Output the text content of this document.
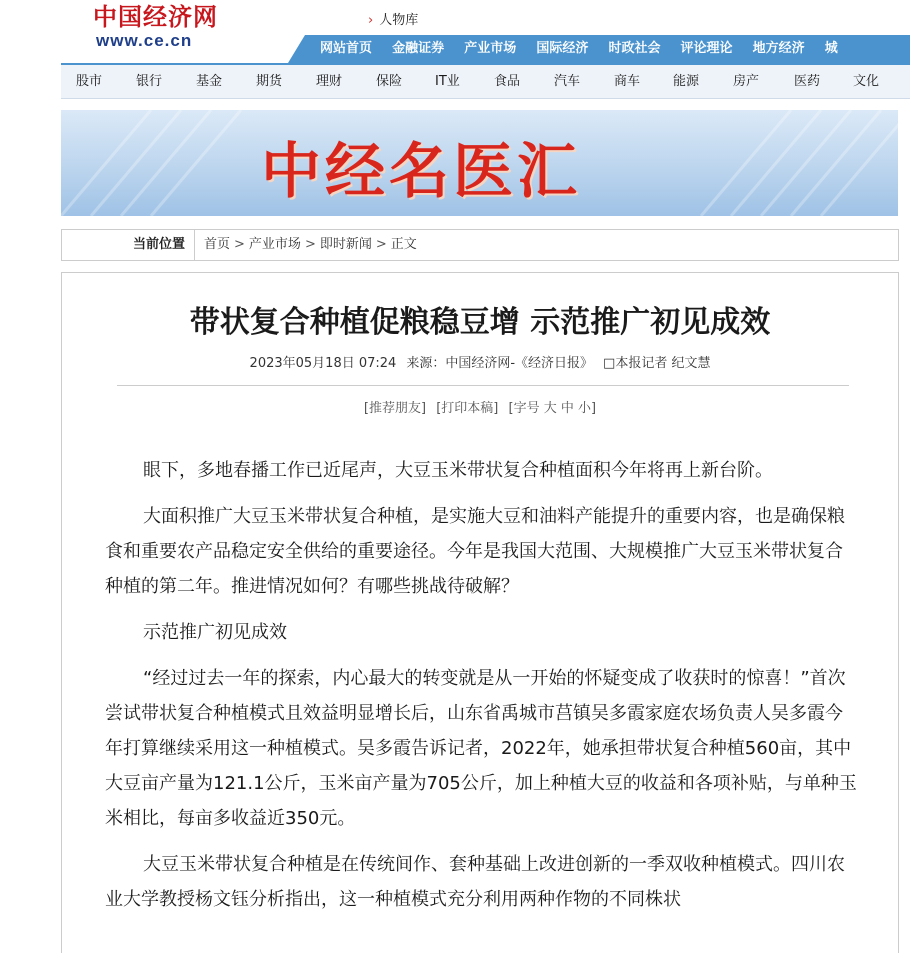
中国经济网
www.ce.cn
› 人物库
网站首页 金融证券 产业市场 国际经济 时政社会 评论理论 地方经济 城
股市	银行	基金	期货	理财	保险	IT业	食品	汽车	商车	能源	房产	医药	文化
中经名医汇
当前位置	首页 > 产业市场 > 即时新闻 > 正文
带状复合种植促粮稳豆增 示范推广初见成效
2023年05月18日 07:24 来源：中国经济网-《经济日报》 □本报记者 纪文慧
[推荐朋友] [打印本稿] [字号 大 中 小]

眼下，多地春播工作已近尾声，大豆玉米带状复合种植面积今年将再上新台阶。

大面积推广大豆玉米带状复合种植，是实施大豆和油料产能提升的重要内容，也是确保粮食和重要农产品稳定安全供给的重要途径。今年是我国大范围、大规模推广大豆玉米带状复合种植的第二年。推进情况如何？有哪些挑战待破解？

示范推广初见成效

“经过过去一年的探索，内心最大的转变就是从一开始的怀疑变成了收获时的惊喜！”首次尝试带状复合种植模式且效益明显增长后，山东省禹城市莒镇吴多霞家庭农场负责人吴多霞今年打算继续采用这一种植模式。吴多霞告诉记者，2022年，她承担带状复合种植560亩，其中大豆亩产量为121.1公斤，玉米亩产量为705公斤，加上种植大豆的收益和各项补贴，与单种玉米相比，每亩多收益近350元。

大豆玉米带状复合种植是在传统间作、套种基础上改进创新的一季双收种植模式。四川农业大学教授杨文钰分析指出，这一种植模式充分利用两种作物的不同株状
